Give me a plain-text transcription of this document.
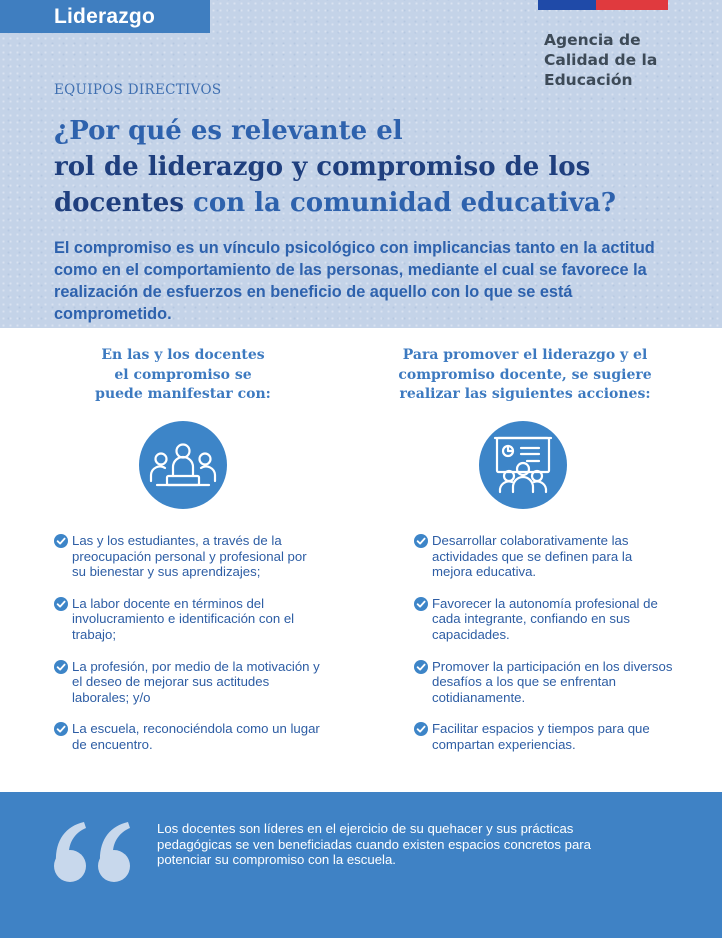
Liderazgo
Agencia de
Calidad de la
Educación
EQUIPOS DIRECTIVOS
¿Por qué es relevante el
rol de liderazgo y compromiso de los
docentes con la comunidad educativa?

El compromiso es un vínculo psicológico con implicancias tanto en la actitud como en el comportamiento de las personas, mediante el cual se favorece la realización de esfuerzos en beneficio de aquello con lo que se está comprometido.

En las y los docentes
el compromiso se
puede manifestar con:
Las y los estudiantes, a través de la preocupación personal y profesional por su bienestar y sus aprendizajes;
La labor docente en términos del involucramiento e identificación con el trabajo;
La profesión, por medio de la motivación y el deseo de mejorar sus actitudes laborales; y/o
La escuela, reconociéndola como un lugar de encuentro.
Para promover el liderazgo y el
compromiso docente, se sugiere
realizar las siguientes acciones:
Desarrollar colaborativamente las actividades que se definen para la mejora educativa.
Favorecer la autonomía profesional de cada integrante, confiando en sus capacidades.
Promover la participación en los diversos desafíos a los que se enfrentan cotidianamente.
Facilitar espacios y tiempos para que compartan experiencias.

Los docentes son líderes en el ejercicio de su quehacer y sus prácticas pedagógicas se ven beneficiadas cuando existen espacios concretos para potenciar su compromiso con la escuela.
